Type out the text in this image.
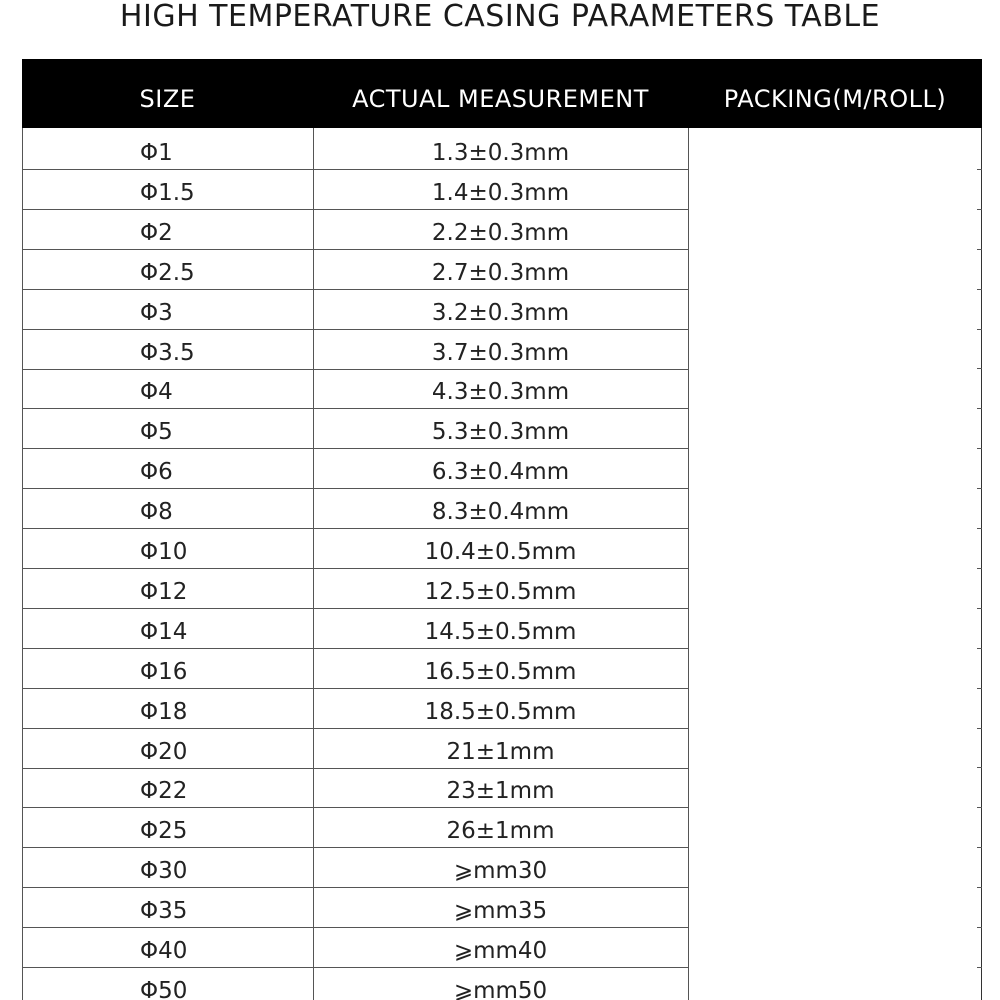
HIGH TEMPERATURE CASING PARAMETERS TABLE
SIZE	ACTUAL MEASUREMENT	PACKING(M/ROLL)
Φ1	1.3±0.3mm
Φ1.5	1.4±0.3mm
Φ2	2.2±0.3mm
Φ2.5	2.7±0.3mm
Φ3	3.2±0.3mm
Φ3.5	3.7±0.3mm
Φ4	4.3±0.3mm
Φ5	5.3±0.3mm
Φ6	6.3±0.4mm
Φ8	8.3±0.4mm
Φ10	10.4±0.5mm
Φ12	12.5±0.5mm
Φ14	14.5±0.5mm
Φ16	16.5±0.5mm
Φ18	18.5±0.5mm
Φ20	21±1mm
Φ22	23±1mm
Φ25	26±1mm
Φ30	⩾mm30
Φ35	⩾mm35
Φ40	⩾mm40
Φ50	⩾mm50
